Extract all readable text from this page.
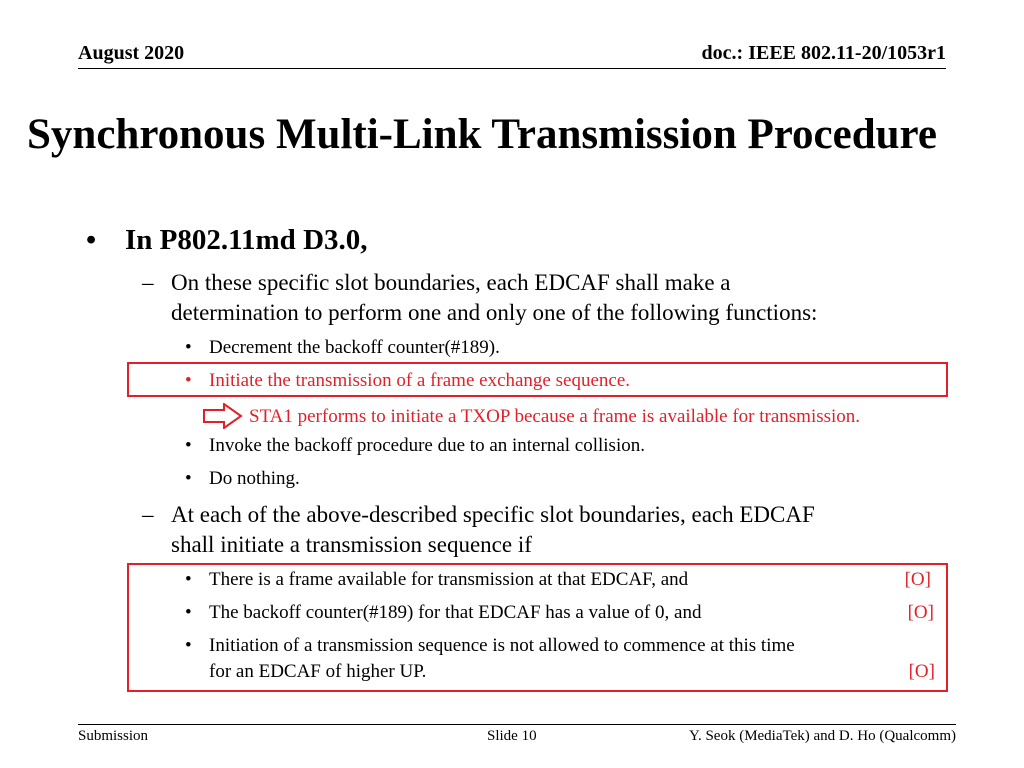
August 2020	doc.: IEEE 802.11-20/1053r1
Synchronous Multi-Link Transmission Procedure
• In P802.11md D3.0,
– On these specific slot boundaries, each EDCAF shall make a
determination to perform one and only one of the following functions:
• Decrement the backoff counter(#189).
• Initiate the transmission of a frame exchange sequence.
STA1 performs to initiate a TXOP because a frame is available for transmission.
• Invoke the backoff procedure due to an internal collision.
• Do nothing.
– At each of the above-described specific slot boundaries, each EDCAF
shall initiate a transmission sequence if
• There is a frame available for transmission at that EDCAF, and	[O]
• The backoff counter(#189) for that EDCAF has a value of 0, and	[O]
• Initiation of a transmission sequence is not allowed to commence at this time
for an EDCAF of higher UP.	[O]
Submission	Slide 10	Y. Seok (MediaTek) and D. Ho (Qualcomm)
